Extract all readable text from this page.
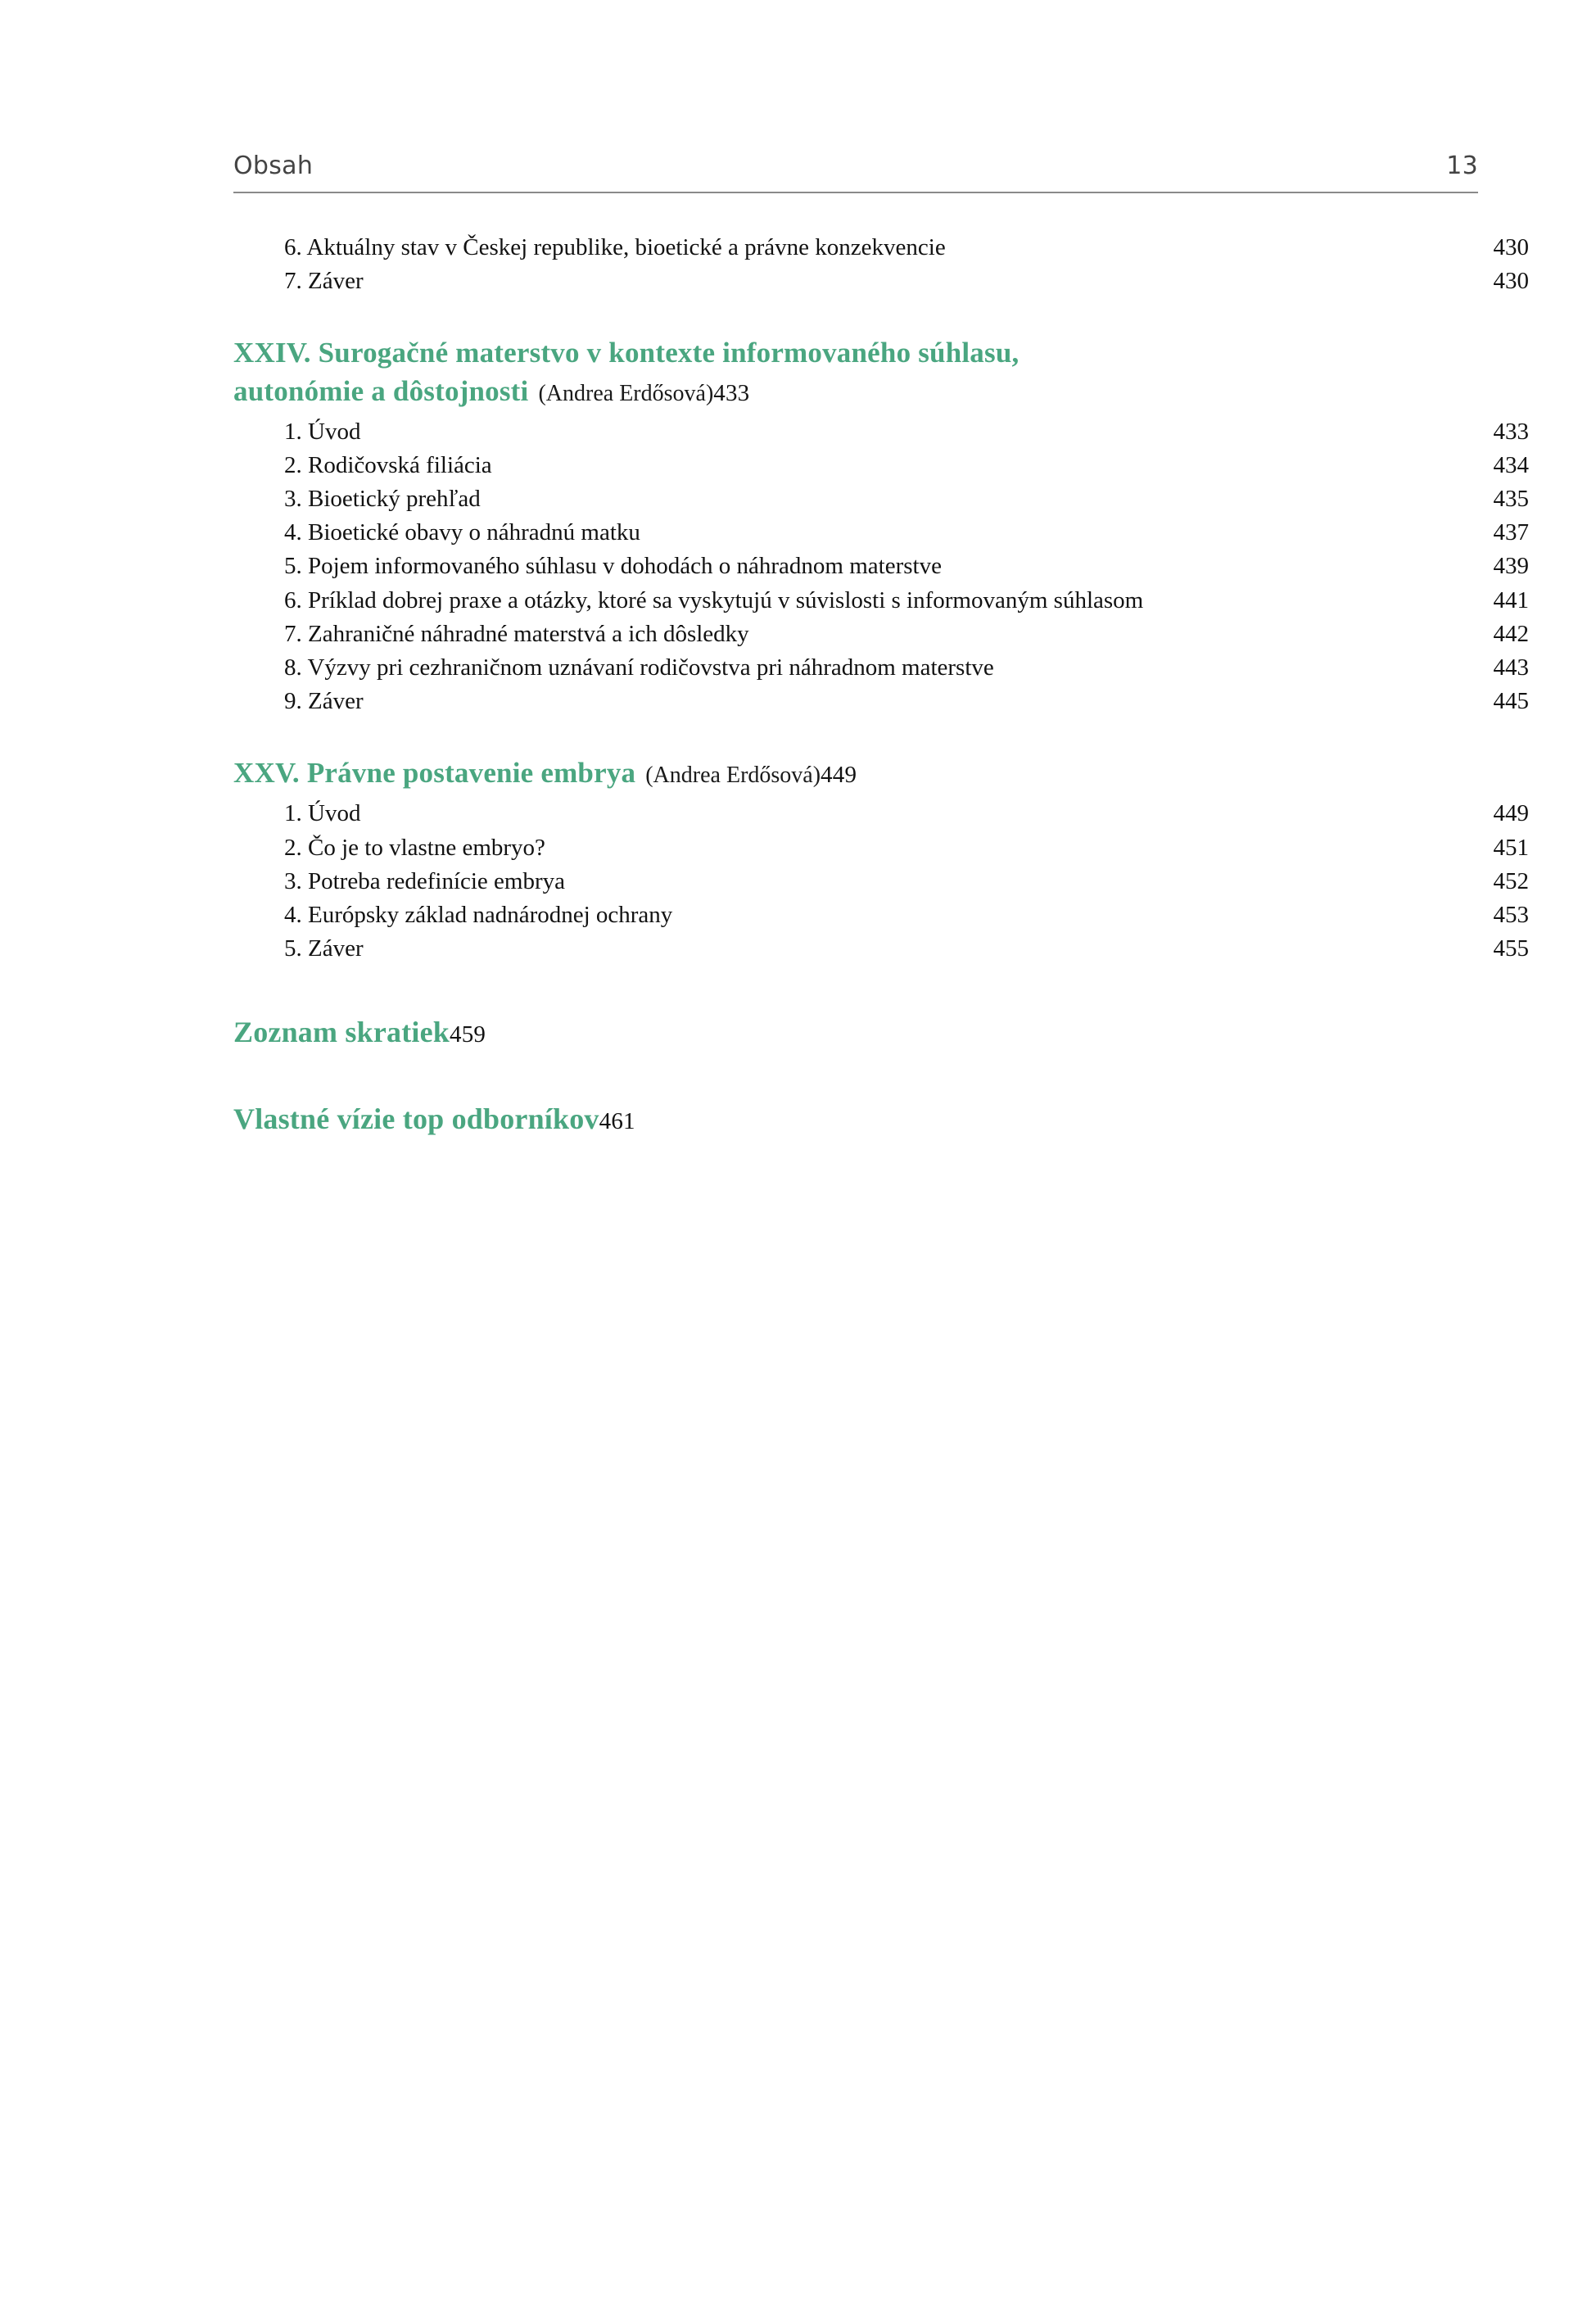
Obsah	13
6. Aktuálny stav v Českej republike, bioetické a právne konzekvencie	430
7. Záver	430
XXIV. Surogačné materstvo v kontexte informovaného súhlasu,
autonómie a dôstojnosti (Andrea Erdősová) 433
1. Úvod	433
2. Rodičovská filiácia	434
3. Bioetický prehľad	435
4. Bioetické obavy o náhradnú matku	437
5. Pojem informovaného súhlasu v dohodách o náhradnom materstve	439
6. Príklad dobrej praxe a otázky, ktoré sa vyskytujú v súvislosti s informovaným súhlasom	441
7. Zahraničné náhradné materstvá a ich dôsledky	442
8. Výzvy pri cezhraničnom uznávaní rodičovstva pri náhradnom materstve	443
9. Záver	445
XXV. Právne postavenie embrya (Andrea Erdősová) 449
1. Úvod	449
2. Čo je to vlastne embryo?	451
3. Potreba redefinície embrya	452
4. Európsky základ nadnárodnej ochrany	453
5. Záver	455
Zoznam skratiek 459
Vlastné vízie top odborníkov 461
